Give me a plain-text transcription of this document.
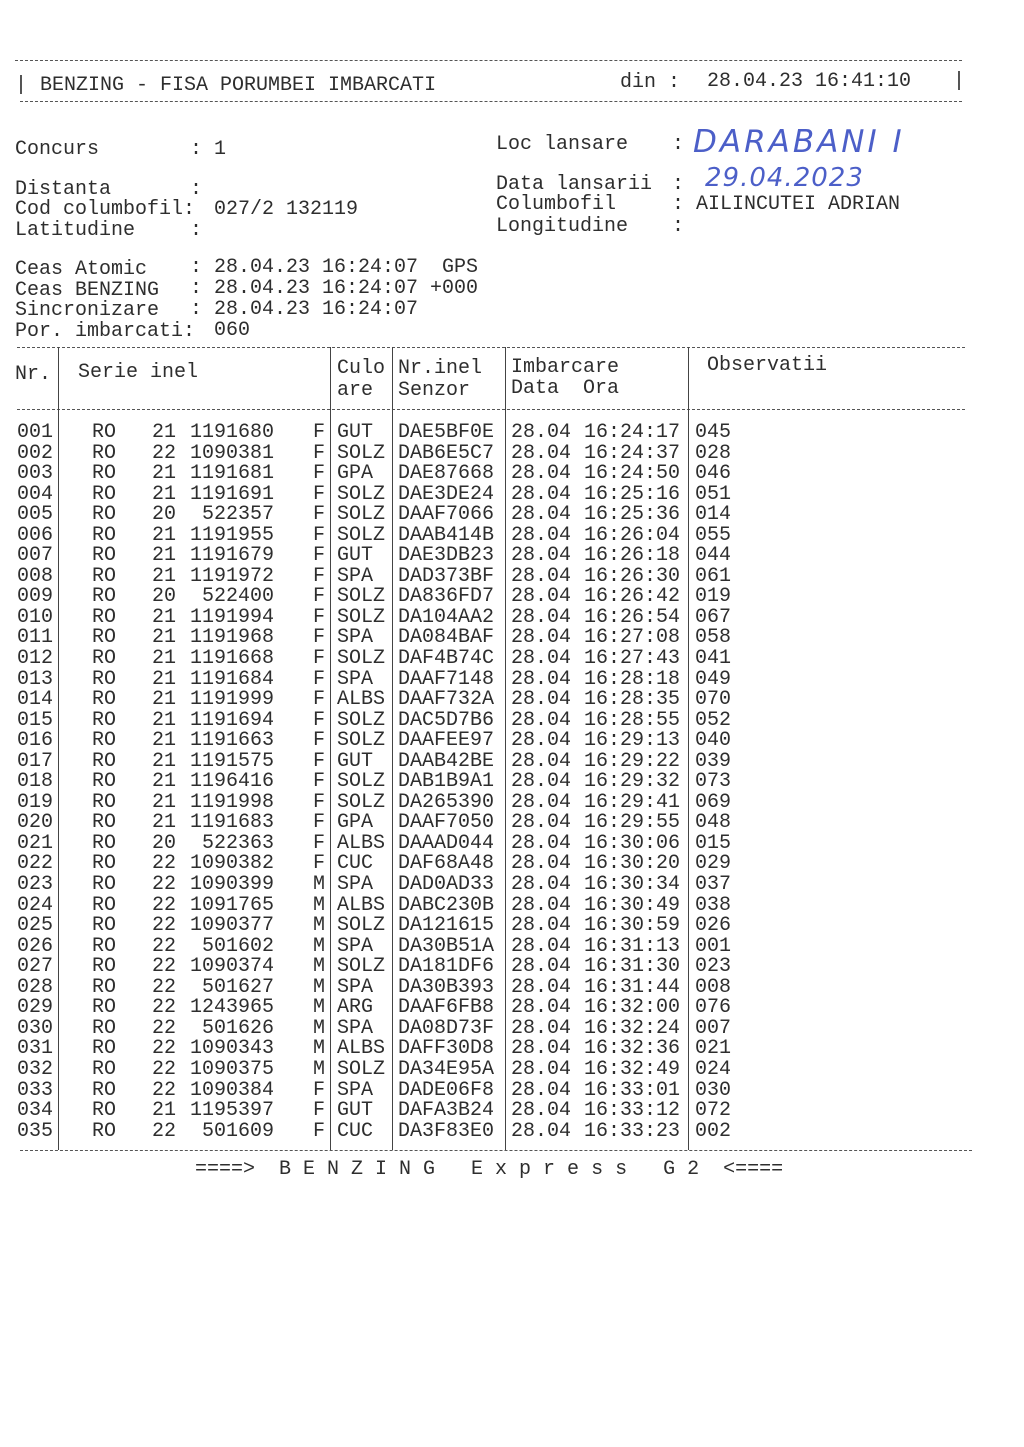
| BENZING - FISA PORUMBEI IMBARCATI	din : 28.04.23 16:41:10 |
Concurs	: 1
Distanta	:
Cod columbofil: 027/2 132119
Latitudine	:
Loc lansare : DARABANI I
Data lansarii : 29.04.2023
Columbofil	: AILINCUTEI ADRIAN
Longitudine :
Ceas Atomic : 28.04.23 16:24:07  GPS
Ceas BENZING : 28.04.23 16:24:07 +000
Sincronizare : 28.04.23 16:24:07
Por. imbarcati: 060
Nr. Serie inel	Culo
are
Nr.inel
Senzor
Imbarcare
Data  Ora
Observatii
001 RO 21 1191680 F GUT DAE5BF0E 28.04 16:24:17 045
002 RO 22 1090381 F SOLZ DAB6E5C7 28.04 16:24:37 028
003 RO 21 1191681 F GPA DAE87668 28.04 16:24:50 046
004 RO 21 1191691 F SOLZ DAE3DE24 28.04 16:25:16 051
005 RO 20	522357 F SOLZ DAAF7066 28.04 16:25:36 014
006 RO 21 1191955 F SOLZ DAAB414B 28.04 16:26:04 055
007 RO 21 1191679 F GUT DAE3DB23 28.04 16:26:18 044
008 RO 21 1191972 F SPA DAD373BF 28.04 16:26:30 061
009 RO 20	522400 F SOLZ DA836FD7 28.04 16:26:42 019
010 RO 21 1191994 F SOLZ DA104AA2 28.04 16:26:54 067
011 RO 21 1191968 F SPA DA084BAF 28.04 16:27:08 058
012 RO 21 1191668 F SOLZ DAF4B74C 28.04 16:27:43 041
013 RO 21 1191684 F SPA DAAF7148 28.04 16:28:18 049
014 RO 21 1191999 F ALBS DAAF732A 28.04 16:28:35 070
015 RO 21 1191694 F SOLZ DAC5D7B6 28.04 16:28:55 052
016 RO 21 1191663 F SOLZ DAAFEE97 28.04 16:29:13 040
017 RO 21 1191575 F GUT DAAB42BE 28.04 16:29:22 039
018 RO 21 1196416 F SOLZ DAB1B9A1 28.04 16:29:32 073
019 RO 21 1191998 F SOLZ DA265390 28.04 16:29:41 069
020 RO 21 1191683 F GPA DAAF7050 28.04 16:29:55 048
021 RO 20	522363 F ALBS DAAAD044 28.04 16:30:06 015
022 RO 22 1090382 F CUC DAF68A48 28.04 16:30:20 029
023 RO 22 1090399 M SPA DAD0AD33 28.04 16:30:34 037
024 RO 22 1091765 M ALBS DABC230B 28.04 16:30:49 038
025 RO 22 1090377 M SOLZ DA121615 28.04 16:30:59 026
026 RO 22	501602 M SPA DA30B51A 28.04 16:31:13 001
027 RO 22 1090374 M SOLZ DA181DF6 28.04 16:31:30 023
028 RO 22	501627 M SPA DA30B393 28.04 16:31:44 008
029 RO 22 1243965 M ARG DAAF6FB8 28.04 16:32:00 076
030 RO 22	501626 M SPA DA08D73F 28.04 16:32:24 007
031 RO 22 1090343 M ALBS DAFF30D8 28.04 16:32:36 021
032 RO 22 1090375 M SOLZ DA34E95A 28.04 16:32:49 024
033 RO 22 1090384 F SPA DADE06F8 28.04 16:33:01 030
034 RO 21 1195397 F GUT DAFA3B24 28.04 16:33:12 072
035 RO 22	501609 F CUC DA3F83E0 28.04 16:33:23 002
====>  B E N Z I N G   E x p r e s s   G 2  <====
